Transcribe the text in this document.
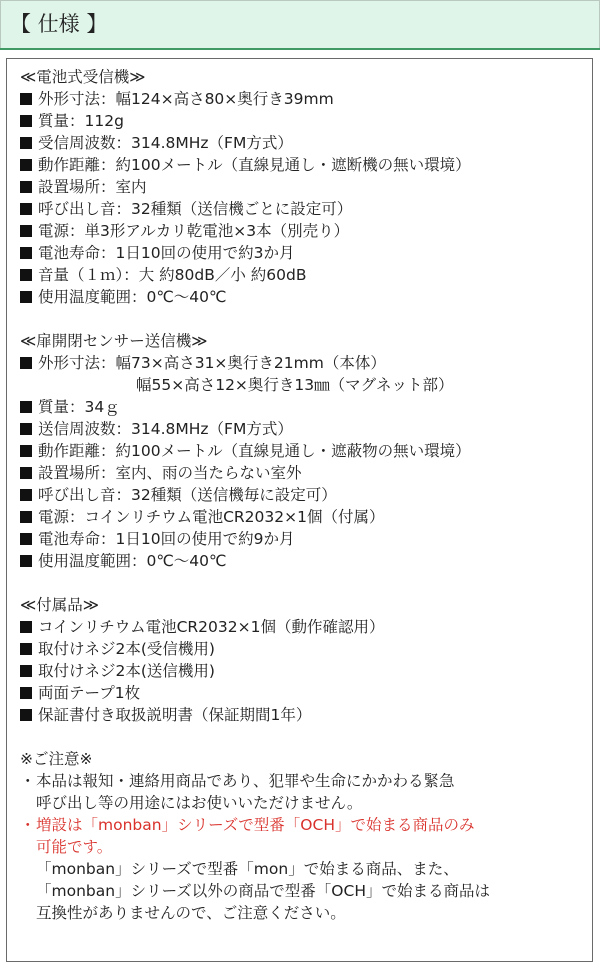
【 仕様 】
≪電池式受信機≫
外形寸法：幅124×高さ80×奥行き39mm
質量：112g
受信周波数：314.8MHz（FM方式）
動作距離：約100メートル（直線見通し・遮断機の無い環境）
設置場所：室内
呼び出し音：32種類（送信機ごとに設定可）
電源：単3形アルカリ乾電池×3本（別売り）
電池寿命：1日10回の使用で約3か月
音量（１ｍ）：大 約80dB／小 約60dB
使用温度範囲：0℃～40℃
≪扉開閉センサー送信機≫
外形寸法：幅73×高さ31×奥行き21mm（本体）
幅55×高さ12×奥行き13㎜（マグネット部）
質量：34ｇ
送信周波数：314.8MHz（FM方式）
動作距離：約100メートル（直線見通し・遮蔽物の無い環境）
設置場所：室内、雨の当たらない室外
呼び出し音：32種類（送信機毎に設定可）
電源：コインリチウム電池CR2032×1個（付属）
電池寿命：1日10回の使用で約9か月
使用温度範囲：0℃～40℃
≪付属品≫
コインリチウム電池CR2032×1個（動作確認用）
取付けネジ2本(受信機用)
取付けネジ2本(送信機用)
両面テープ1枚
保証書付き取扱説明書（保証期間1年）
※ご注意※
・本品は報知・連絡用商品であり、犯罪や生命にかかわる緊急
呼び出し等の用途にはお使いいただけません。
・増設は「monban」シリーズで型番「OCH」で始まる商品のみ
可能です。
「monban」シリーズで型番「mon」で始まる商品、また、
「monban」シリーズ以外の商品で型番「OCH」で始まる商品は
互換性がありませんので、ご注意ください。
